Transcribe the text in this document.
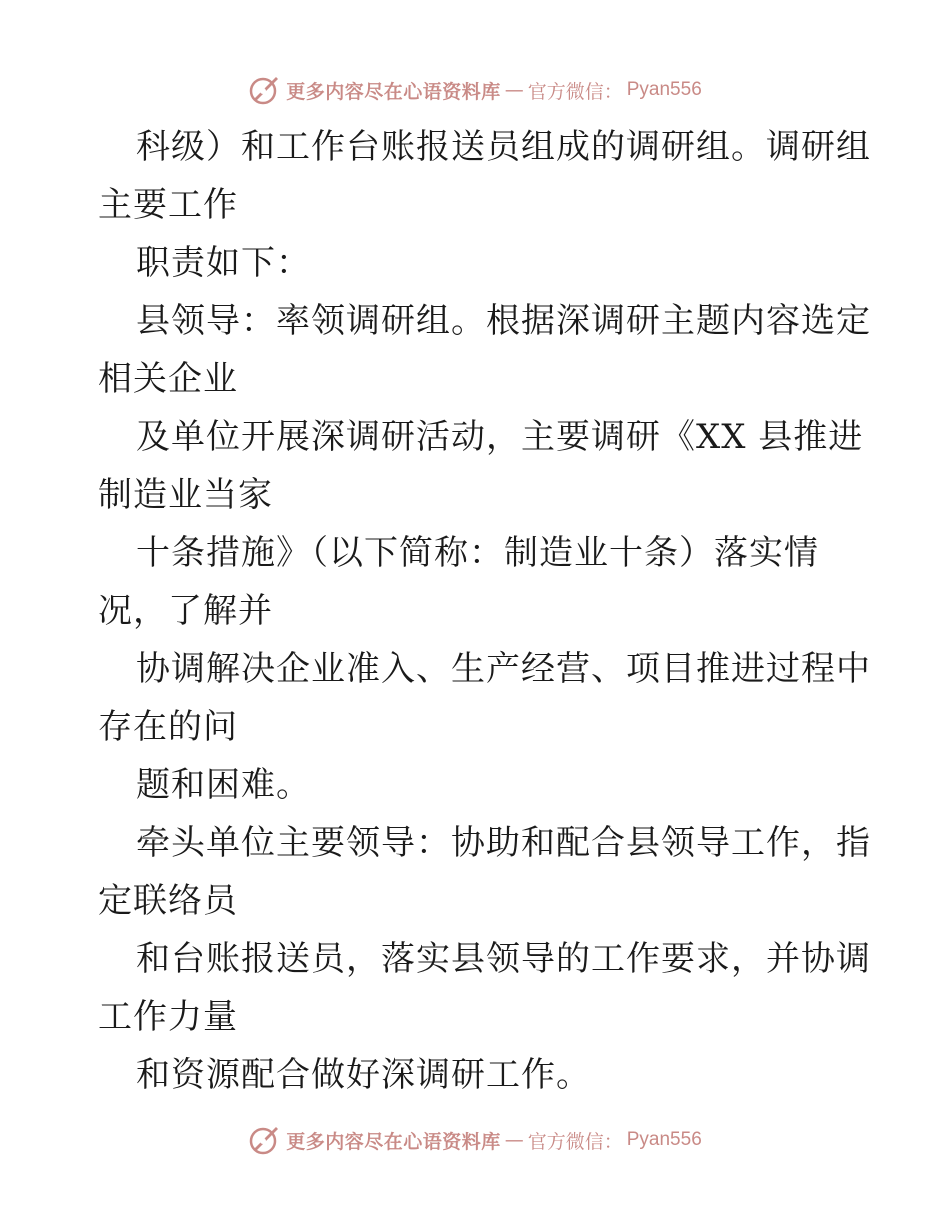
更多内容尽在心语资料库 — 官方微信： Pyan556
科级）和工作台账报送员组成的调研组。调研组
主要工作
职责如下：
县领导：率领调研组。根据深调研主题内容选定
相关企业
及单位开展深调研活动，主要调研《XX 县推进
制造业当家
十条措施》（以下简称：制造业十条）落实情
况，了解并
协调解决企业准入、生产经营、项目推进过程中
存在的问
题和困难。
牵头单位主要领导：协助和配合县领导工作，指
定联络员
和台账报送员，落实县领导的工作要求，并协调
工作力量
和资源配合做好深调研工作。
更多内容尽在心语资料库 — 官方微信： Pyan556
